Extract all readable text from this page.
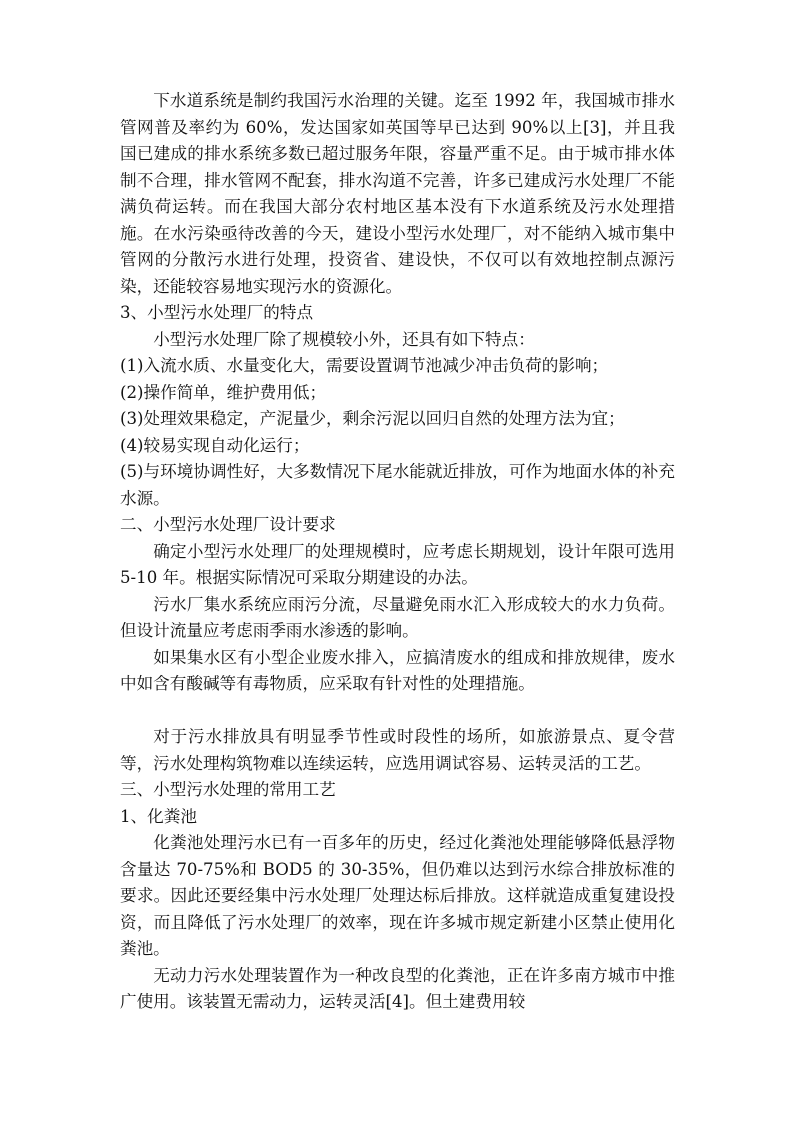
下水道系统是制约我国污水治理的关键。迄至 1992 年，我国城市排水管网普及率约为 60%，发达国家如英国等早已达到 90%以上[3]，并且我国已建成的排水系统多数已超过服务年限，容量严重不足。由于城市排水体制不合理，排水管网不配套，排水沟道不完善，许多已建成污水处理厂不能满负荷运转。而在我国大部分农村地区基本没有下水道系统及污水处理措施。在水污染亟待改善的今天，建设小型污水处理厂，对不能纳入城市集中管网的分散污水进行处理，投资省、建设快，不仅可以有效地控制点源污染，还能较容易地实现污水的资源化。

3、小型污水处理厂的特点

小型污水处理厂除了规模较小外，还具有如下特点：

(1)入流水质、水量变化大，需要设置调节池减少冲击负荷的影响；

(2)操作简单，维护费用低；

(3)处理效果稳定，产泥量少，剩余污泥以回归自然的处理方法为宜；

(4)较易实现自动化运行；

(5)与环境协调性好，大多数情况下尾水能就近排放，可作为地面水体的补充水源。

二、小型污水处理厂设计要求

确定小型污水处理厂的处理规模时，应考虑长期规划，设计年限可选用 5-10 年。根据实际情况可采取分期建设的办法。

污水厂集水系统应雨污分流，尽量避免雨水汇入形成较大的水力负荷。但设计流量应考虑雨季雨水渗透的影响。

如果集水区有小型企业废水排入，应搞清废水的组成和排放规律，废水中如含有酸碱等有毒物质，应采取有针对性的处理措施。

对于污水排放具有明显季节性或时段性的场所，如旅游景点、夏令营等，污水处理构筑物难以连续运转，应选用调试容易、运转灵活的工艺。

三、小型污水处理的常用工艺

1、化粪池

化粪池处理污水已有一百多年的历史，经过化粪池处理能够降低悬浮物含量达 70-75%和 BOD5 的 30-35%，但仍难以达到污水综合排放标准的要求。因此还要经集中污水处理厂处理达标后排放。这样就造成重复建设投资，而且降低了污水处理厂的效率，现在许多城市规定新建小区禁止使用化粪池。

无动力污水处理装置作为一种改良型的化粪池，正在许多南方城市中推广使用。该装置无需动力，运转灵活[4]。但土建费用较
